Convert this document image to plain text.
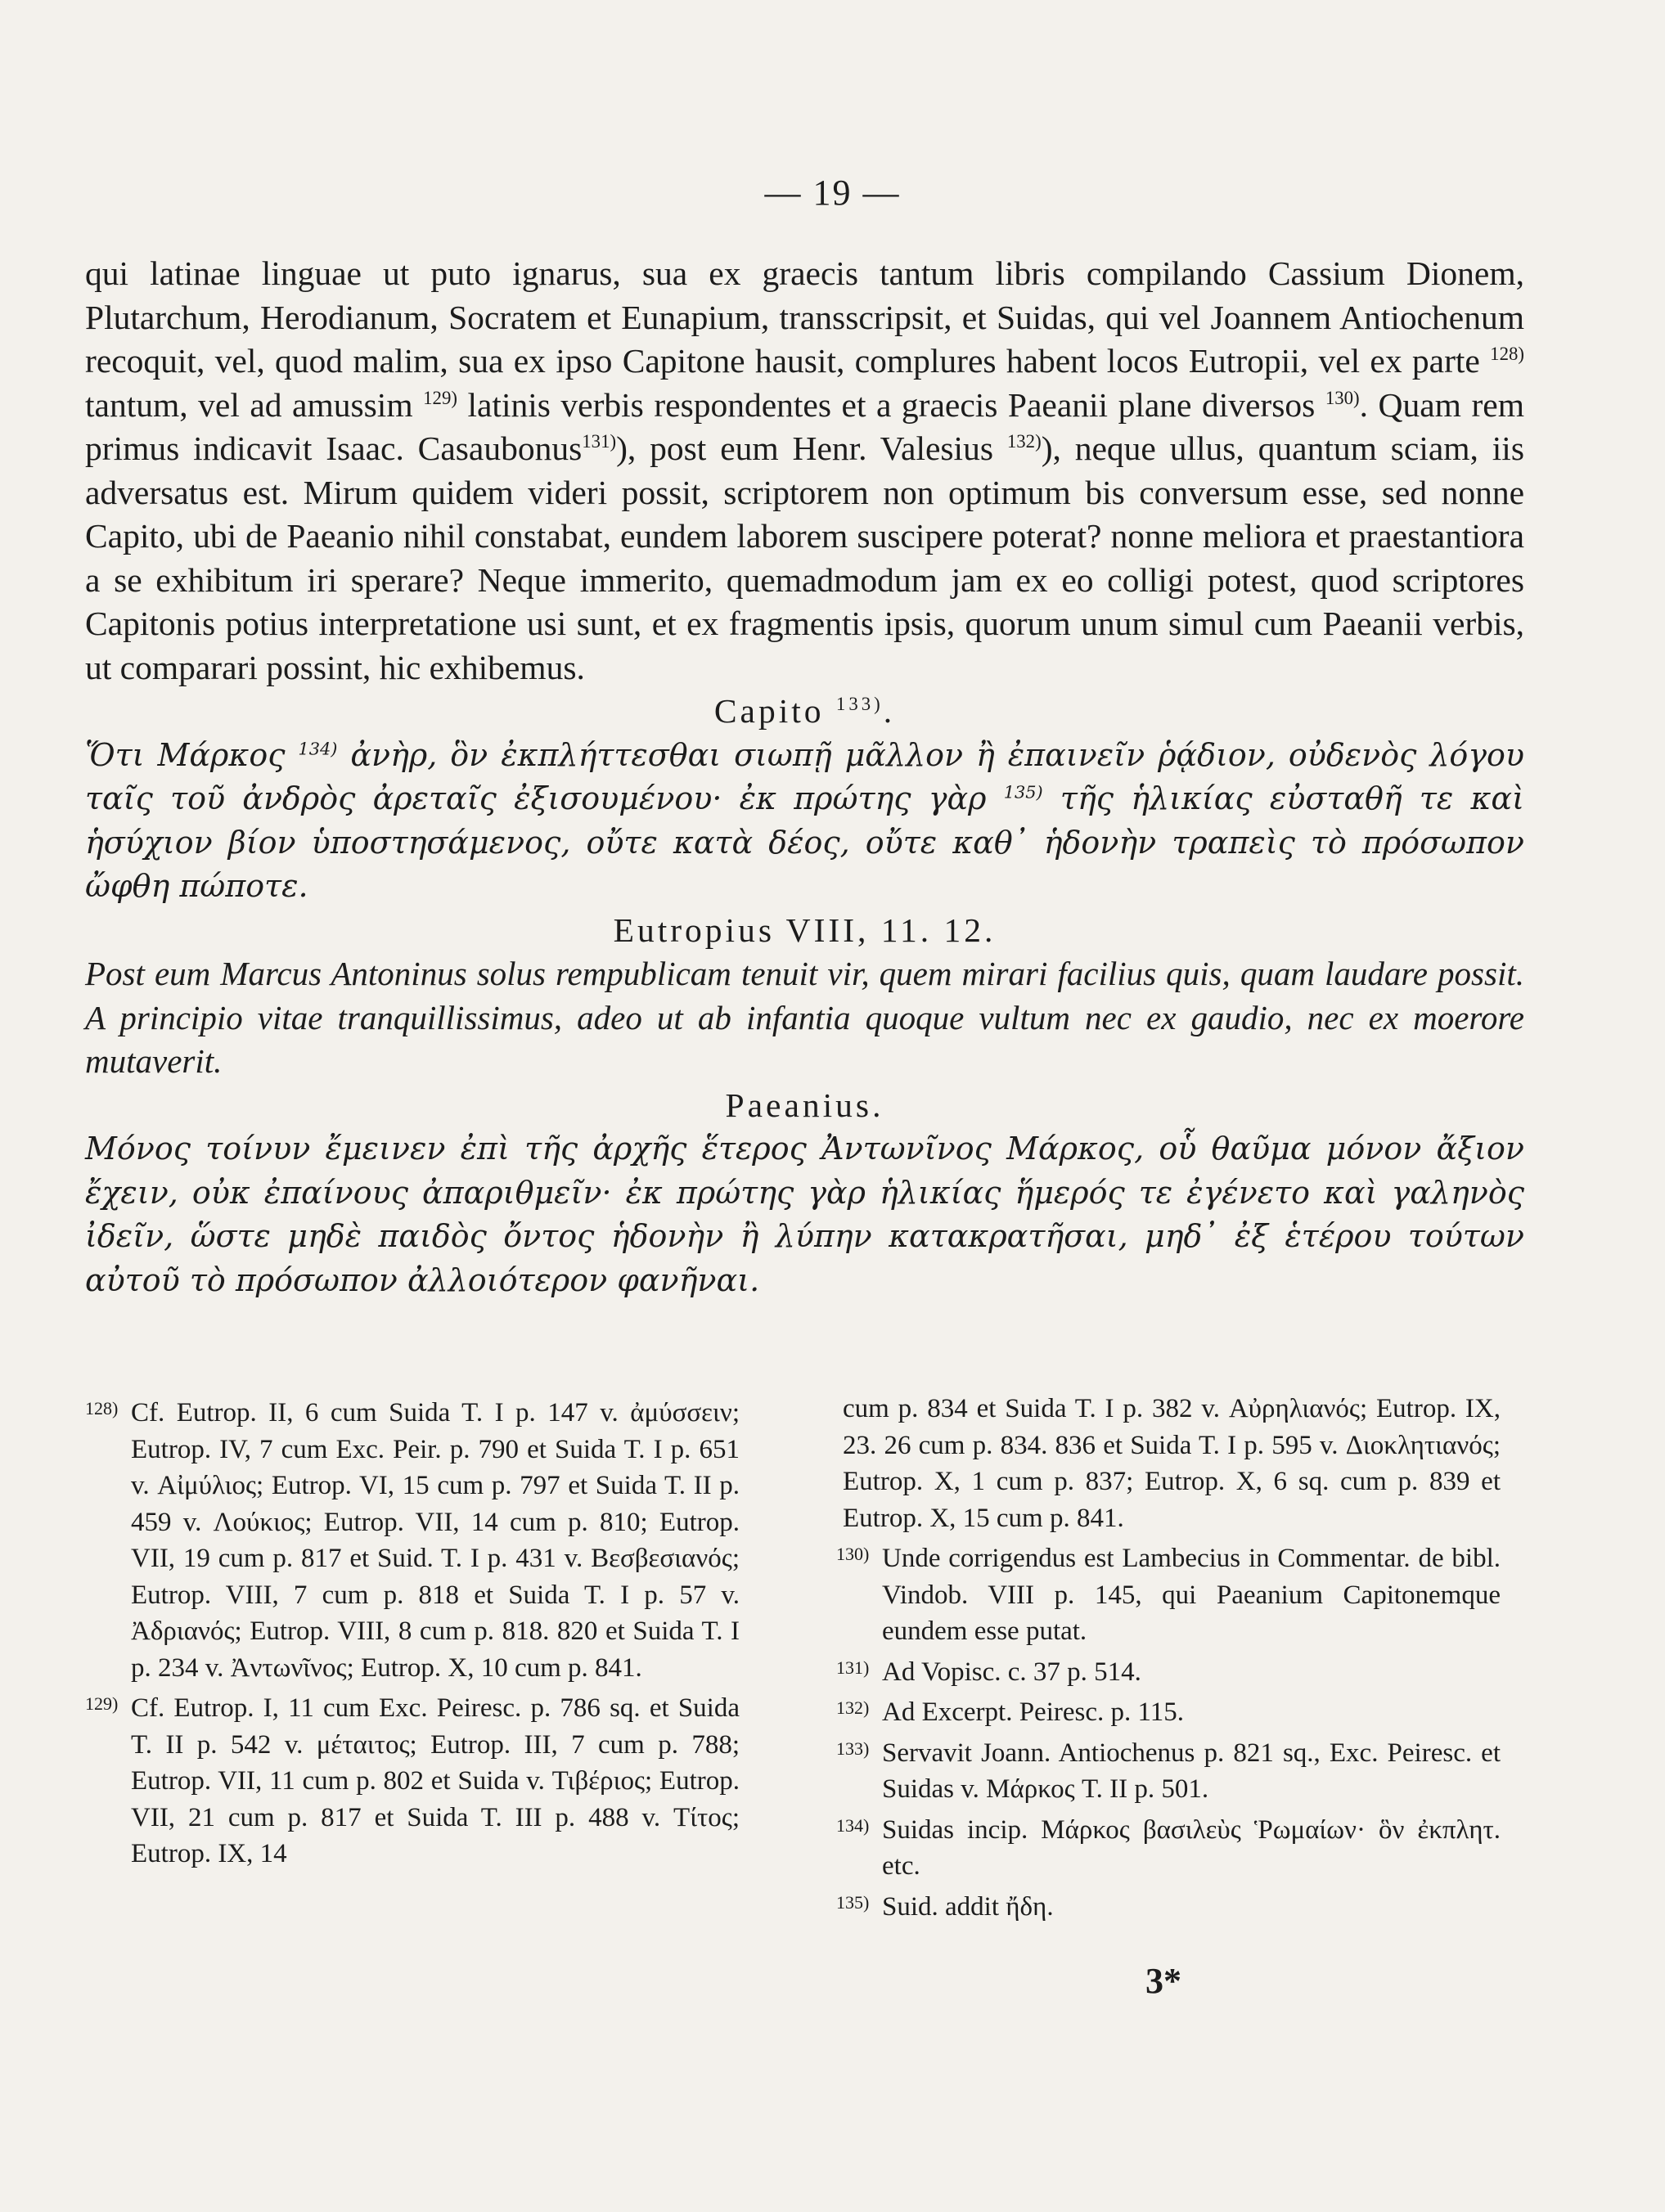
— 19 —

qui latinae linguae ut puto ignarus, sua ex graecis tantum libris compilando Cassium Dionem, Plutarchum, Herodianum, Socratem et Eunapium, transscripsit, et Suidas, qui vel Joannem Antiochenum recoquit, vel, quod malim, sua ex ipso Capitone hausit, complures habent locos Eutropii, vel ex parte $^{128)}$ tantum, vel ad amussim $^{129)}$ latinis verbis respondentes et a graecis Paeanii plane diversos $^{130)}$. Quam rem primus indicavit Isaac. Casaubonus$^{131)}$), post eum Henr. Valesius $^{132)}$), neque ullus, quantum sciam, iis adversatus est. Mirum quidem videri possit, scriptorem non optimum bis conversum esse, sed nonne Capito, ubi de Paeanio nihil constabat, eundem laborem suscipere poterat? nonne meliora et praestantiora a se exhibitum iri sperare? Neque immerito, quemadmodum jam ex eo colligi potest, quod scriptores Capitonis potius interpretatione usi sunt, et ex fragmentis ipsis, quorum unum simul cum Paeanii verbis, ut comparari possint, hic exhibemus.

Capito $^{133)}$.

Ὅτι Μάρκος $^{134)}$ ἀνὴρ, ὃν ἐκπλήττεσθαι σιωπῇ μᾶλλον ἢ ἐπαινεῖν ῥᾴδιον, οὐδενὸς λόγου ταῖς τοῦ ἀνδρὸς ἀρεταῖς ἐξισουμένου· ἐκ πρώτης γὰρ $^{135)}$ τῆς ἡλικίας εὐσταθῆ τε καὶ ἡσύχιον βίον ὑποστησάμενος, οὔτε κατὰ δέος, οὔτε καθ᾿ ἡδονὴν τραπεὶς τὸ πρόσωπον ὤφθη πώποτε.

Eutropius VIII, 11. 12.

Post eum Marcus Antoninus solus rempublicam tenuit vir, quem mirari facilius quis, quam laudare possit. A principio vitae tranquillissimus, adeo ut ab infantia quoque vultum nec ex gaudio, nec ex moerore mutaverit.

Paeanius.

Μόνος τοίνυν ἔμεινεν ἐπὶ τῆς ἀρχῆς ἕτερος Ἀντωνῖνος Μάρκος, οὗ θαῦμα μόνον ἄξιον ἔχειν, οὐκ ἐπαίνους ἀπαριθμεῖν· ἐκ πρώτης γὰρ ἡλικίας ἥμερός τε ἐγένετο καὶ γαληνὸς ἰδεῖν, ὥστε μηδὲ παιδὸς ὄντος ἡδονὴν ἢ λύπην κατακρατῆσαι, μηδ᾿ ἐξ ἑτέρου τούτων αὐτοῦ τὸ πρόσωπον ἀλλοιότερον φανῆναι.

128) Cf. Eutrop. II, 6 cum Suida T. I p. 147 v. ἀμύσσειν; Eutrop. IV, 7 cum Exc. Peir. p. 790 et Suida T. I p. 651 v. Αἰμύλιος; Eutrop. VI, 15 cum p. 797 et Suida T. II p. 459 v. Λούκιος; Eutrop. VII, 14 cum p. 810; Eutrop. VII, 19 cum p. 817 et Suid. T. I p. 431 v. Βεσβεσιανός; Eutrop. VIII, 7 cum p. 818 et Suida T. I p. 57 v. Ἀδριανός; Eutrop. VIII, 8 cum p. 818. 820 et Suida T. I p. 234 v. Ἀντωνῖνος; Eutrop. X, 10 cum p. 841.

129) Cf. Eutrop. I, 11 cum Exc. Peiresc. p. 786 sq. et Suida T. II p. 542 v. μέταιτος; Eutrop. III, 7 cum p. 788; Eutrop. VII, 11 cum p. 802 et Suida v. Τιβέριος; Eutrop. VII, 21 cum p. 817 et Suida T. III p. 488 v. Τίτος; Eutrop. IX, 14

cum p. 834 et Suida T. I p. 382 v. Αὐρηλιανός; Eutrop. IX, 23. 26 cum p. 834. 836 et Suida T. I p. 595 v. Διοκλητιανός; Eutrop. X, 1 cum p. 837; Eutrop. X, 6 sq. cum p. 839 et Eutrop. X, 15 cum p. 841.

130) Unde corrigendus est Lambecius in Commentar. de bibl. Vindob. VIII p. 145, qui Paeanium Capitonemque eundem esse putat.

131) Ad Vopisc. c. 37 p. 514.

132) Ad Excerpt. Peiresc. p. 115.

133) Servavit Joann. Antiochenus p. 821 sq., Exc. Peiresc. et Suidas v. Μάρκος T. II p. 501.

134) Suidas incip. Μάρκος βασιλεὺς Ῥωμαίων· ὃν ἐκπλητ. etc.

135) Suid. addit ἤδη.

3*
